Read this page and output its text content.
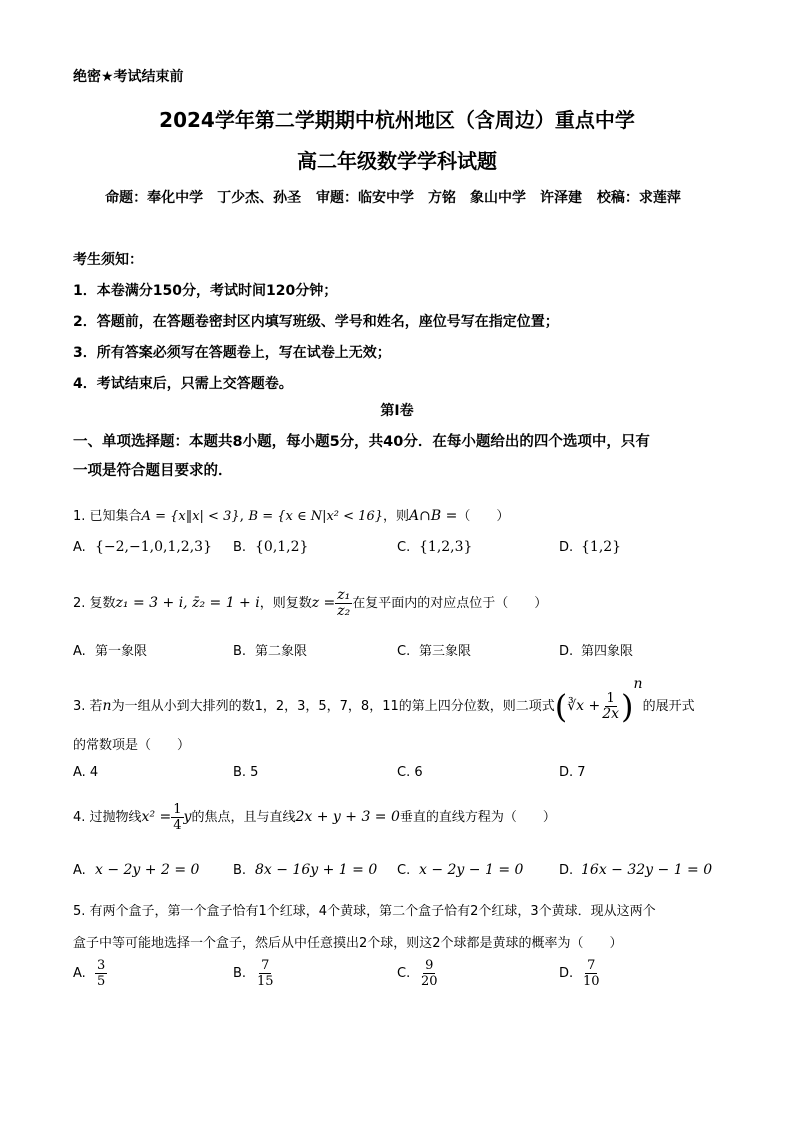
绝密★考试结束前
2024学年第二学期期中杭州地区（含周边）重点中学
高二年级数学学科试题
命题：奉化中学　丁少杰、孙圣 审题：临安中学　方铭　象山中学　许泽建 校稿：求莲萍
考生须知：
1．本卷满分150分，考试时间120分钟；
2．答题前，在答题卷密封区内填写班级、学号和姓名，座位号写在指定位置；
3．所有答案必须写在答题卷上，写在试卷上无效；
4．考试结束后，只需上交答题卷。
第Ⅰ卷
一、单项选择题：本题共8小题，每小题5分，共40分．在每小题给出的四个选项中，只有
一项是符合题目要求的．
1. 已知集合A = {x‖x| < 3}, B = {x ∈ N|x² < 16}，则A∩B =（　　）
A. {−2,−1,0,1,2,3} B. {0,1,2}	C. {1,2,3}	D. {1,2}
2. 复数z₁ = 3 + i, z̄₂ = 1 + i，则复数$z = \frac{\text{z₁}}{\text{z₂}}$ 在复平面内的对应点位于（　　）
A. 第一象限	B. 第二象限	C. 第三象限	D. 第四象限
3. 若n为一组从小到大排列的数1，2，3，5，7，8，11的第上四分位数，则二项式(∛x + $\frac{1}{2x} )^n$的展开式
的常数项是（　　）
A. 4	B. 5	C. 6	D. 7
4. 过抛物线$x^2 = \frac{1}{4}$ y的焦点，且与直线2x + y + 3 = 0垂直的直线方程为（　　）
A. x − 2y + 2 = 0	B. 8x − 16y + 1 = 0 C. x − 2y − 1 = 0	D. 16x − 32y − 1 = 0
5. 有两个盒子，第一个盒子恰有1个红球，4个黄球，第二个盒子恰有2个红球，3个黄球．现从这两个
盒子中等可能地选择一个盒子，然后从中任意摸出2个球，则这2个球都是黄球的概率为（　　）
A. $\frac{3}{5}$	B. $\frac{7}{15}$	C. $\frac{9}{20}$	D. $\frac{7}{10}$
